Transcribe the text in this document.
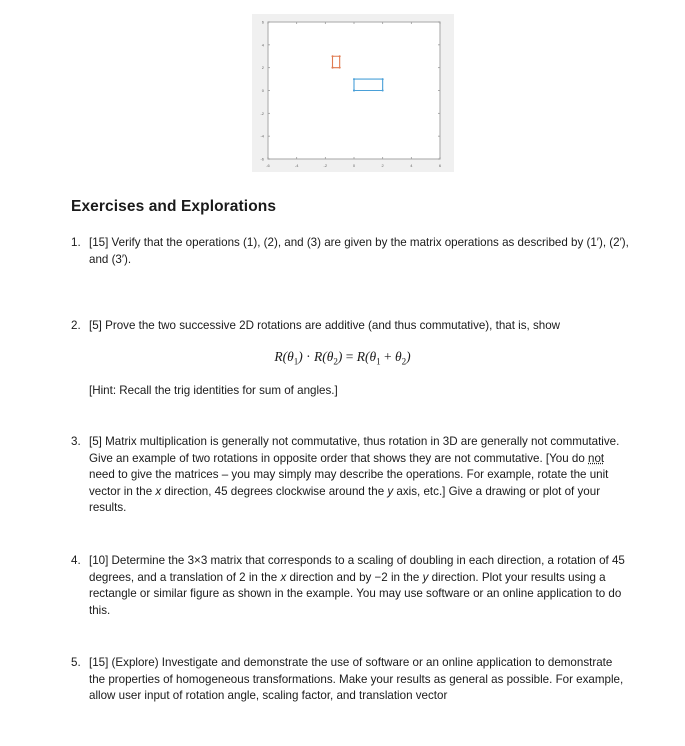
-6	-4	-2	0	2	4	6
-6
-4
-2
0
2
4
6
Exercises and Explorations
1. [15] Verify that the operations (1), (2), and (3) are given by the matrix operations as described by (1′), (2′), and (3′).
2. [5] Prove the two successive 2D rotations are additive (and thus commutative), that is, show
$R(\theta_1) \cdot R(\theta_2) = R(\theta_1 + \theta_2)$
[Hint: Recall the trig identities for sum of angles.]
3. [5] Matrix multiplication is generally not commutative, thus rotation in 3D are generally not commutative. Give an example of two rotations in opposite order that shows they are not commutative. [You do not need to give the matrices – you may simply may describe the operations. For example, rotate the unit vector in the x direction, 45 degrees clockwise around the y axis, etc.] Give a drawing or plot of your results.
4. [10] Determine the 3×3 matrix that corresponds to a scaling of doubling in each direction, a rotation of 45 degrees, and a translation of 2 in the x direction and by −2 in the y direction. Plot your results using a rectangle or similar figure as shown in the example. You may use software or an online application to do this.
5. [15] (Explore) Investigate and demonstrate the use of software or an online application to demonstrate the properties of homogeneous transformations. Make your results as general as possible. For example, allow user input of rotation angle, scaling factor, and translation vector
